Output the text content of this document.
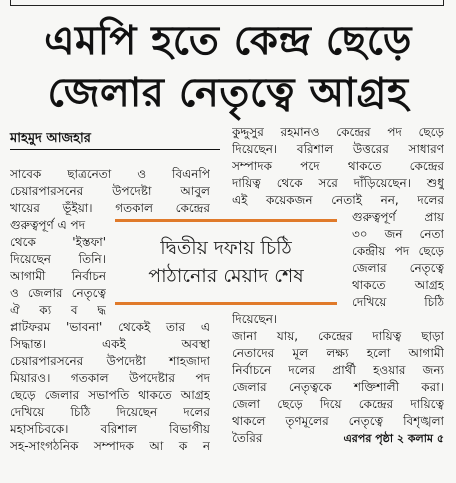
এমপি হতে কেন্দ্র ছেড়ে
জেলার নেতৃত্বে আগ্রহ
মাহমুদ আজহার
সাবেক ছাত্রনেতা ও বিএনপি
চেয়ারপারসনের উপদেষ্টা আবুল
খায়ের ভূঁইয়া। গতকাল কেন্দ্রের
গুরুত্বপূর্ণ এ পদ
থেকে 'ইস্তফা'
দিয়েছেন তিনি।
আগামী নির্বাচন
ও জেলার নেতৃত্বে
ঐ ক্য ব দ্ধ
প্লাটফরম 'ভাবনা' থেকেই তার এ
সিদ্ধান্ত। একই অবস্থা
চেয়ারপারসনের উপদেষ্টা শাহজাদা
মিয়ারও। গতকাল উপদেষ্টার পদ
ছেড়ে জেলার সভাপতি থাকতে আগ্রহ
দেখিয়ে চিঠি দিয়েছেন দলের
মহাসচিবকে। বরিশাল বিভাগীয়
সহ-সাংগঠনিক সম্পাদক আ ক ন
কুদ্দুসুর রহমানও কেন্দ্রের পদ ছেড়ে
দিয়েছেন। বরিশাল উত্তরের সাধারণ
সম্পাদক পদে থাকতে কেন্দ্রের
দায়িত্ব থেকে সরে দাঁড়িয়েছেন। শুধু
এই কয়েকজন নেতাই নন, দলের
গুরুত্বপূর্ণ প্রায়
৩০ জন নেতা
কেন্দ্রীয় পদ ছেড়ে
জেলার নেতৃত্বে
থাকতে আগ্রহ
দেখিয়ে চিঠি
দিয়েছেন।
জানা যায়, কেন্দ্রের দায়িত্ব ছাড়া
নেতাদের মূল লক্ষ্য হলো আগামী
নির্বাচনে দলের প্রার্থী হওয়ার জন্য
জেলার নেতৃত্বকে শক্তিশালী করা।
জেলা ছেড়ে দিয়ে কেন্দ্রের দায়িত্বে
থাকলে তৃণমূলের নেতৃত্বে বিশৃঙ্খলা
তৈরির	এরপর পৃষ্ঠা ২ কলাম ৫
দ্বিতীয় দফায় চিঠি
পাঠানোর মেয়াদ শেষ
